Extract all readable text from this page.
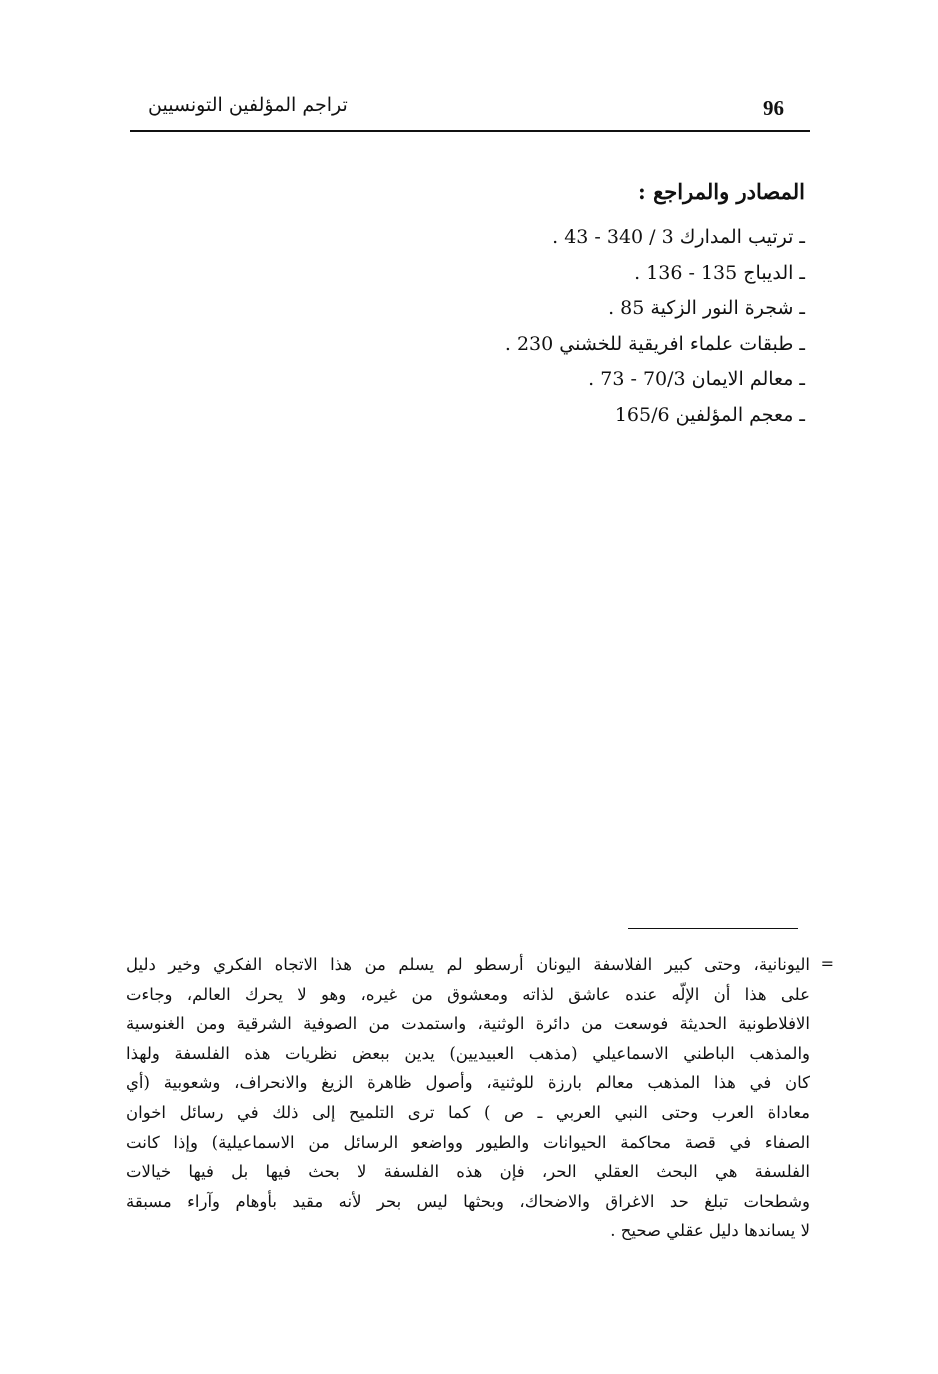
96
تراجم المؤلفين التونسيين
المصادر والمراجع :
ـ ترتيب المدارك 3 / 340 - 43 .
ـ الديباج 135 - 136 .
ـ شجرة النور الزكية 85 .
ـ طبقات علماء افريقية للخشني 230 .
ـ معالم الايمان 70/3 - 73 .
ـ معجم المؤلفين 165/6
=
اليونانية، وحتى كبير الفلاسفة اليونان أرسطو لم يسلم من هذا الاتجاه الفكري وخير دليل
على هذا أن الإلّه عنده عاشق لذاته ومعشوق من غيره، وهو لا يحرك العالم، وجاءت
الافلاطونية الحديثة فوسعت من دائرة الوثنية، واستمدت من الصوفية الشرقية ومن الغنوسية
والمذهب الباطني الاسماعيلي (مذهب العبيديين) يدين ببعض نظريات هذه الفلسفة ولهذا
كان في هذا المذهب معالم بارزة للوثنية، وأصول ظاهرة الزيغ والانحراف، وشعوبية (أي
معاداة العرب وحتى النبي العربي ـ ص ) كما ترى التلميح إلى ذلك في رسائل اخوان
الصفاء في قصة محاكمة الحيوانات والطيور وواضعو الرسائل من الاسماعيلية) وإذا كانت
الفلسفة هي البحث العقلي الحر، فإن هذه الفلسفة لا بحث فيها بل فيها خيالات
وشطحات تبلغ حد الاغراق والاضحاك، وبحثها ليس بحر لأنه مقيد بأوهام وآراء مسبقة
لا يساندها دليل عقلي صحيح .
